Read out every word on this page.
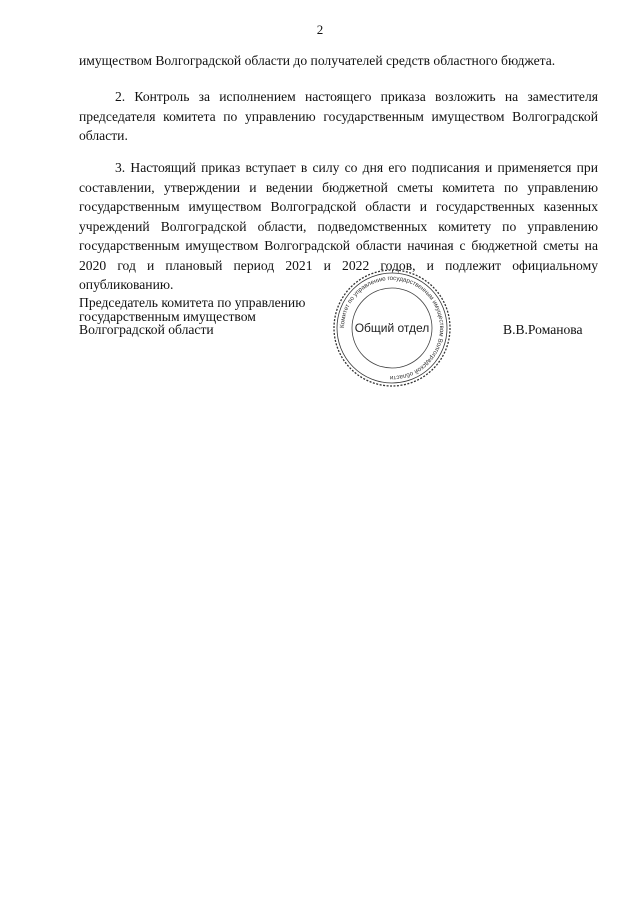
2
имуществом Волгоградской области до получателей средств областного бюджета.
2. Контроль за исполнением настоящего приказа возложить на заместителя председателя комитета по управлению государственным имуществом Волгоградской области.
3. Настоящий приказ вступает в силу со дня его подписания и применяется при составлении, утверждении и ведении бюджетной сметы комитета по управлению государственным имуществом Волгоградской области и государственных казенных учреждений Волгоградской области, подведомственных комитету по управлению государственным имуществом Волгоградской области начиная с бюджетной сметы на 2020 год и плановый период 2021 и 2022 годов, и подлежит официальному опубликованию.
Председатель комитета по управлению
государственным имуществом
Волгоградской области	В.В.Романова
Комитет по управлению государственным имуществом Волгоградской области
Общий отдел
